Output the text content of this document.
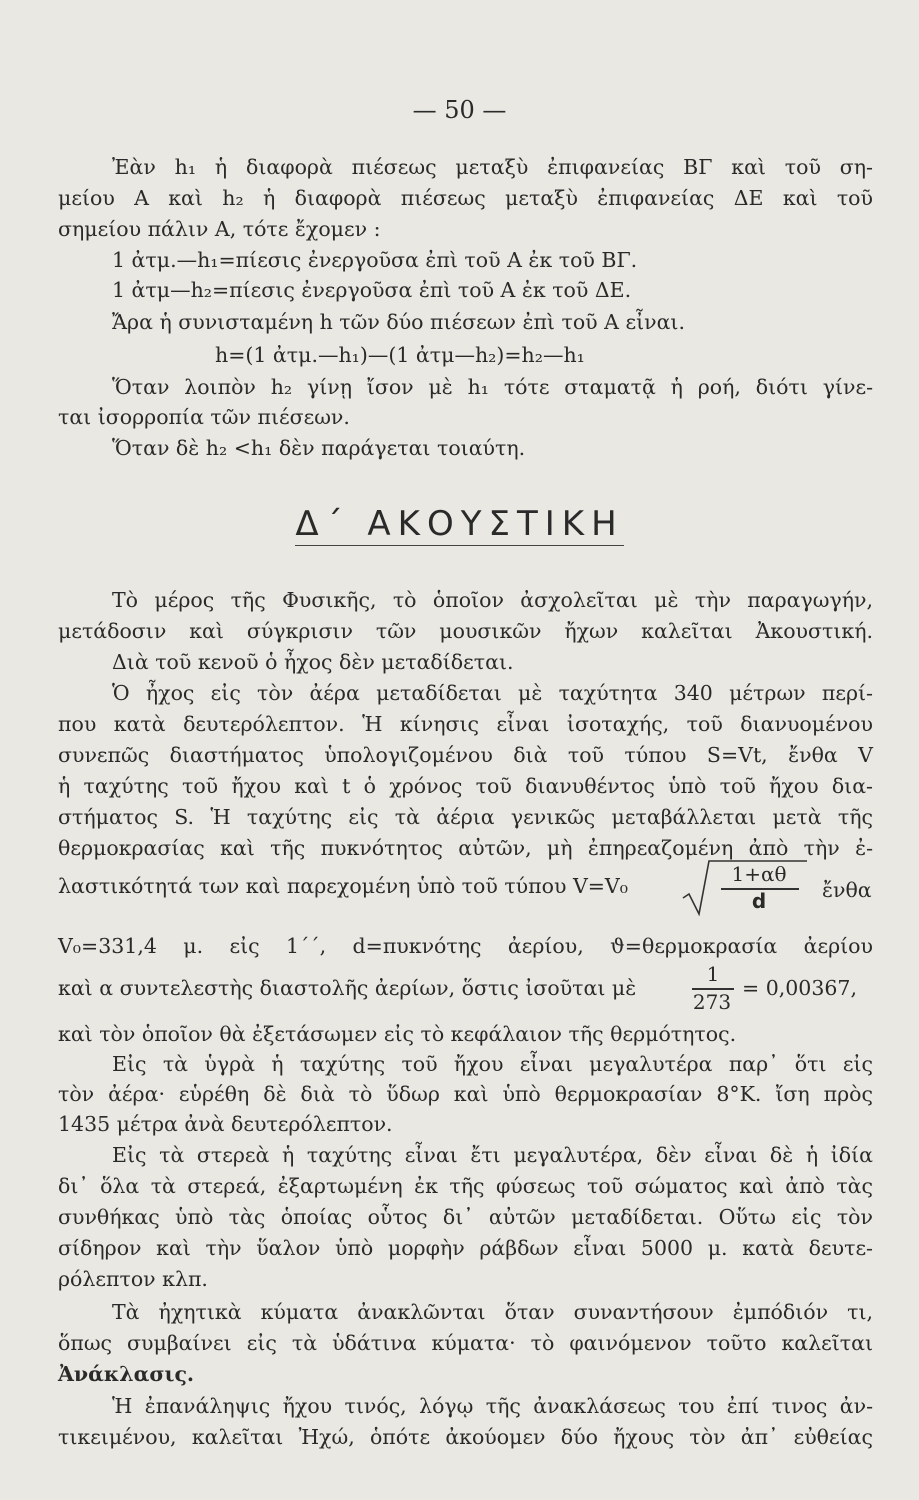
— 50 —
Ἐὰν h₁ ἡ διαφορὰ πιέσεως μεταξὺ ἐπιφανείας ΒΓ καὶ τοῦ ση-
μείου Α καὶ h₂ ἡ διαφορὰ πιέσεως μεταξὺ ἐπιφανείας ΔΕ καὶ τοῦ
σημείου πάλιν Α, τότε ἔχομεν :
1 ἀτμ.—h₁=πίεσις ἐνεργοῦσα ἐπὶ τοῦ Α ἐκ τοῦ ΒΓ.
1 ἀτμ—h₂=πίεσις ἐνεργοῦσα ἐπὶ τοῦ Α ἐκ τοῦ ΔΕ.
Ἄρα ἡ συνισταμένη h τῶν δύο πιέσεων ἐπὶ τοῦ Α εἶναι.
h=(1 ἀτμ.—h₁)—(1 ἀτμ—h₂)=h₂—h₁
Ὅταν λοιπὸν h₂ γίνῃ ἴσον μὲ h₁ τότε σταματᾷ ἡ ροή, διότι γίνε-
ται ἰσορροπία τῶν πιέσεων.
Ὅταν δὲ h₂ <h₁ δὲν παράγεται τοιαύτη.
Δ΄ ΑΚΟΥΣΤΙΚΗ
Τὸ μέρος τῆς Φυσικῆς, τὸ ὁποῖον ἀσχολεῖται μὲ τὴν παραγωγήν,
μετάδοσιν καὶ σύγκρισιν τῶν μουσικῶν ἤχων καλεῖται Ἀκουστική.
Διὰ τοῦ κενοῦ ὁ ἦχος δὲν μεταδίδεται.
Ὁ ἦχος εἰς τὸν ἀέρα μεταδίδεται μὲ ταχύτητα 340 μέτρων περί-
που κατὰ δευτερόλεπτον. Ἡ κίνησις εἶναι ἰσοταχής, τοῦ διανυομένου
συνεπῶς διαστήματος ὑπολογιζομένου διὰ τοῦ τύπου S=Vt, ἔνθα V
ἡ ταχύτης τοῦ ἤχου καὶ t ὁ χρόνος τοῦ διανυθέντος ὑπὸ τοῦ ἤχου δια-
στήματος S. Ἡ ταχύτης εἰς τὰ ἀέρια γενικῶς μεταβάλλεται μετὰ τῆς
θερμοκρασίας καὶ τῆς πυκνότητος αὐτῶν, μὴ ἐπηρεαζομένη ἀπὸ τὴν ἐ-
λαστικότητά των καὶ παρεχομένη ὑπὸ τοῦ τύπου V=V₀	1+αθ
d	ἔνθα
V₀=331,4 μ. εἰς 1΄΄, d=πυκνότης ἀερίου, ϑ=θερμοκρασία ἀερίου
καὶ α συντελεστὴς διαστολῆς ἀερίων, ὅστις ἰσοῦται μὲ
1
273
= 0,00367,
καὶ τὸν ὁποῖον θὰ ἐξετάσωμεν εἰς τὸ κεφάλαιον τῆς θερμότητος.
Εἰς τὰ ὑγρὰ ἡ ταχύτης τοῦ ἤχου εἶναι μεγαλυτέρα παρ᾽ ὅτι εἰς
τὸν ἀέρα· εὑρέθη δὲ διὰ τὸ ὕδωρ καὶ ὑπὸ θερμοκρασίαν 8°Κ. ἴση πρὸς
1435 μέτρα ἀνὰ δευτερόλεπτον.
Εἰς τὰ στερεὰ ἡ ταχύτης εἶναι ἔτι μεγαλυτέρα, δὲν εἶναι δὲ ἡ ἰδία
δι᾽ ὅλα τὰ στερεά, ἐξαρτωμένη ἐκ τῆς φύσεως τοῦ σώματος καὶ ἀπὸ τὰς
συνθήκας ὑπὸ τὰς ὁποίας οὗτος δι᾽ αὐτῶν μεταδίδεται. Οὕτω εἰς τὸν
σίδηρον καὶ τὴν ὕαλον ὑπὸ μορφὴν ράβδων εἶναι 5000 μ. κατὰ δευτε-
ρόλεπτον κλπ.
Τὰ ἠχητικὰ κύματα ἀνακλῶνται ὅταν συναντήσουν ἐμπόδιόν τι,
ὅπως συμβαίνει εἰς τὰ ὑδάτινα κύματα· τὸ φαινόμενον τοῦτο καλεῖται
Ἀνάκλασις.
Ἡ ἐπανάληψις ἤχου τινός, λόγῳ τῆς ἀνακλάσεως του ἐπί τινος ἀν-
τικειμένου, καλεῖται Ἠχώ, ὁπότε ἀκούομεν δύο ἤχους τὸν ἀπ᾽ εὐθείας
